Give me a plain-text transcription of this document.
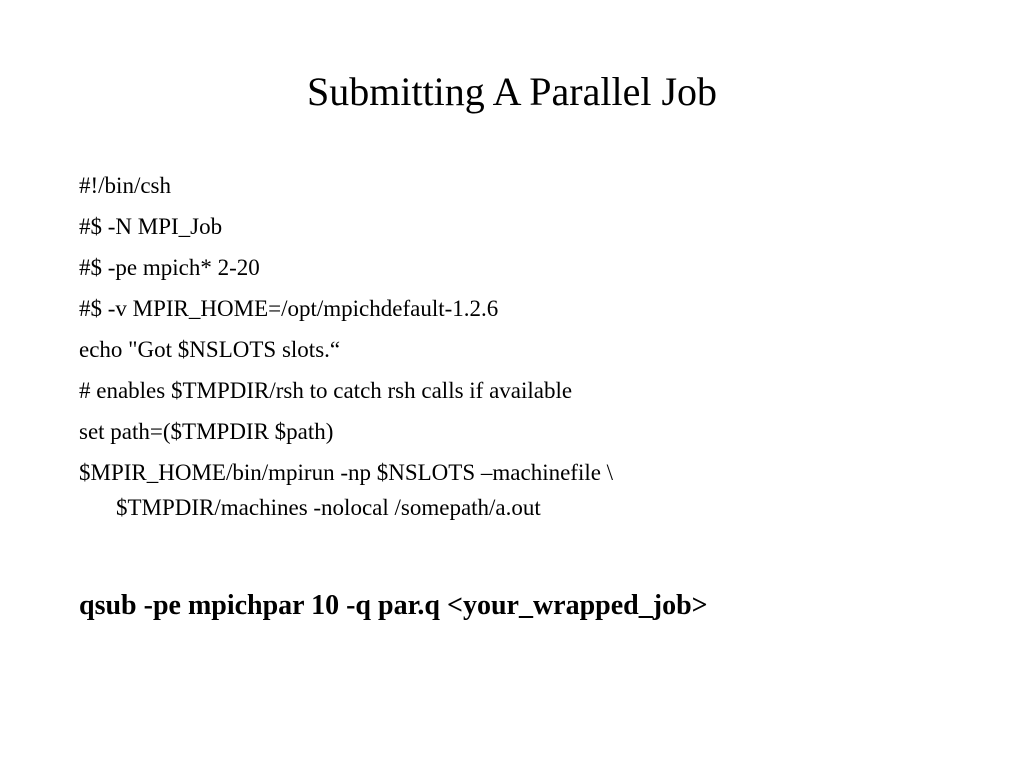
Submitting A Parallel Job
#!/bin/csh
#$ -N MPI_Job
#$ -pe mpich* 2-20
#$ -v MPIR_HOME=/opt/mpichdefault-1.2.6
echo "Got $NSLOTS slots.“
# enables $TMPDIR/rsh to catch rsh calls if available
set path=($TMPDIR $path)
$MPIR_HOME/bin/mpirun -np $NSLOTS –machinefile \
$TMPDIR/machines -nolocal /somepath/a.out

qsub -pe mpichpar 10 -q par.q <your_wrapped_job>
